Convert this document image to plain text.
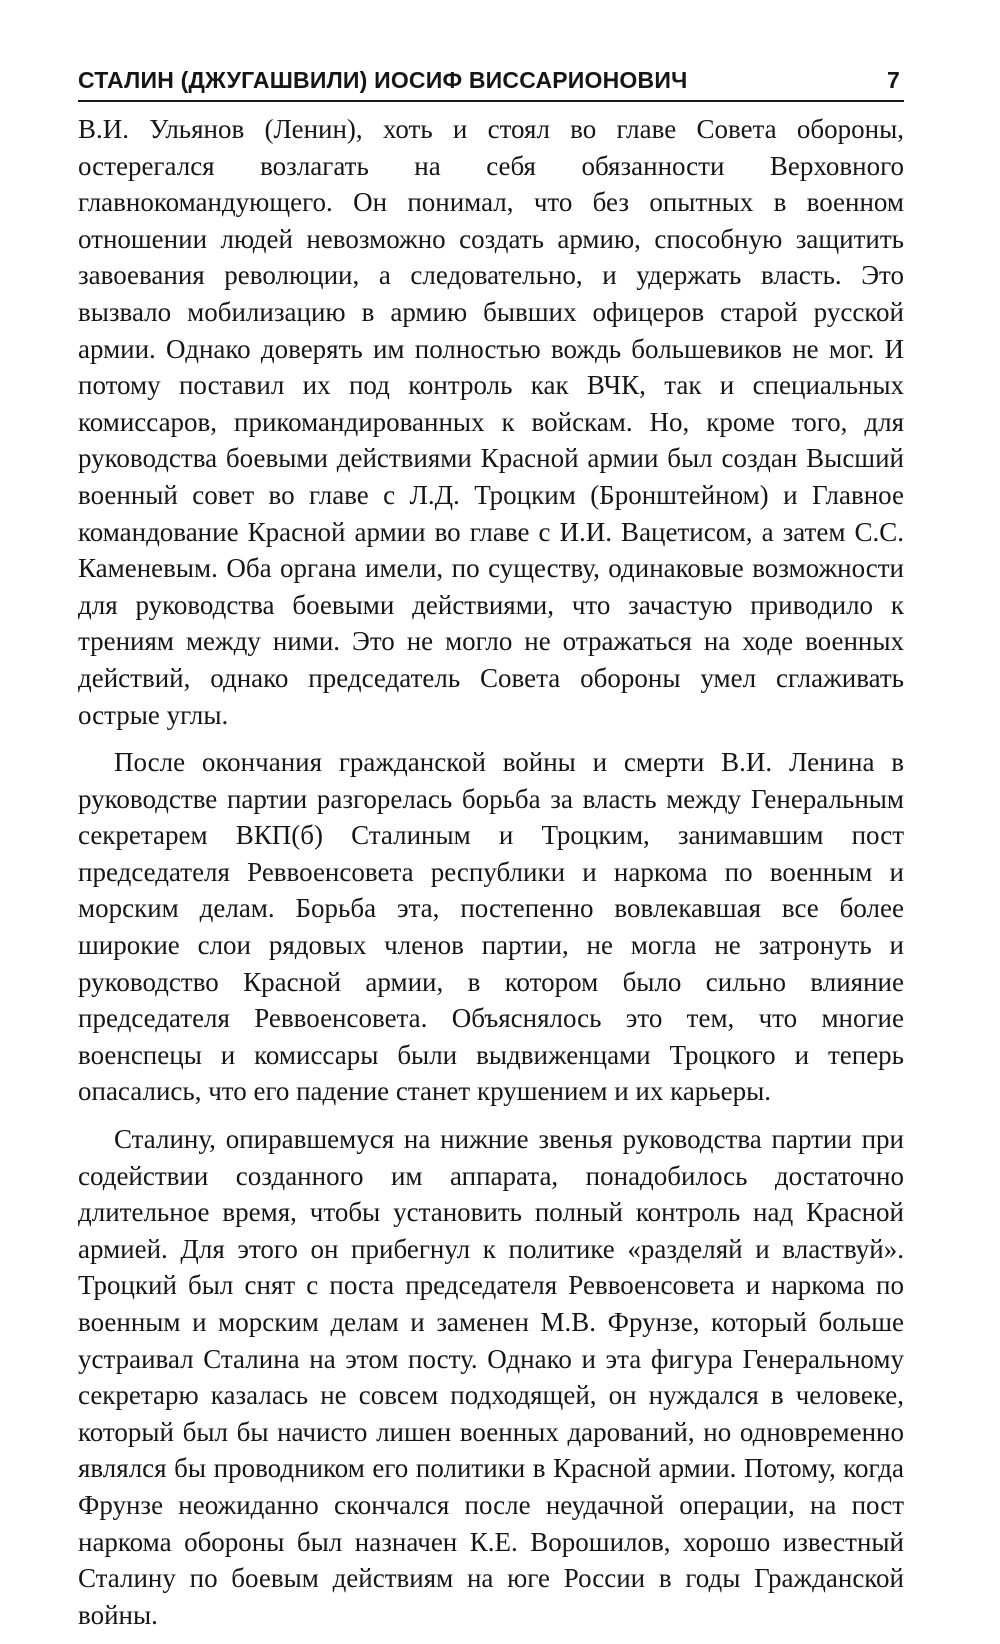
СТАЛИН (ДЖУГАШВИЛИ) ИОСИФ ВИССАРИОНОВИЧ	7

В.И. Ульянов (Ленин), хоть и стоял во главе Совета обороны, остерегался возлагать на себя обязанности Верховного главнокомандующего. Он понимал, что без опытных в военном отношении людей невозможно создать армию, способную защитить завоевания революции, а следовательно, и удержать власть. Это вызвало мобилизацию в армию бывших офицеров старой русской армии. Однако доверять им полностью вождь большевиков не мог. И потому поставил их под контроль как ВЧК, так и специальных комиссаров, прикомандированных к войскам. Но, кроме того, для руководства боевыми действиями Красной армии был создан Высший военный совет во главе с Л.Д. Троцким (Бронштейном) и Главное командование Красной армии во главе с И.И. Вацетисом, а затем С.С. Каменевым. Оба органа имели, по существу, одинаковые возможности для руководства боевыми действиями, что зачастую приводило к трениям между ними. Это не могло не отражаться на ходе военных действий, однако председатель Совета обороны умел сглаживать острые углы.

После окончания гражданской войны и смерти В.И. Ленина в руководстве партии разгорелась борьба за власть между Генеральным секретарем ВКП(б) Сталиным и Троцким, занимавшим пост председателя Реввоенсовета республики и наркома по военным и морским делам. Борьба эта, постепенно вовлекавшая все более широкие слои рядовых членов партии, не могла не затронуть и руководство Красной армии, в котором было сильно влияние председателя Реввоенсовета. Объяснялось это тем, что многие военспецы и комиссары были выдвиженцами Троцкого и теперь опасались, что его падение станет крушением и их карьеры.

Сталину, опиравшемуся на нижние звенья руководства партии при содействии созданного им аппарата, понадобилось достаточно длительное время, чтобы установить полный контроль над Красной армией. Для этого он прибегнул к политике «разделяй и властвуй». Троцкий был снят с поста председателя Реввоенсовета и наркома по военным и морским делам и заменен М.В. Фрунзе, который больше устраивал Сталина на этом посту. Однако и эта фигура Генеральному секретарю казалась не совсем подходящей, он нуждался в человеке, который был бы начисто лишен военных дарований, но одновременно являлся бы проводником его политики в Красной армии. Потому, когда Фрунзе неожиданно скончался после неудачной операции, на пост наркома обороны был назначен К.Е. Ворошилов, хорошо известный Сталину по боевым действиям на юге России в годы Гражданской войны.
